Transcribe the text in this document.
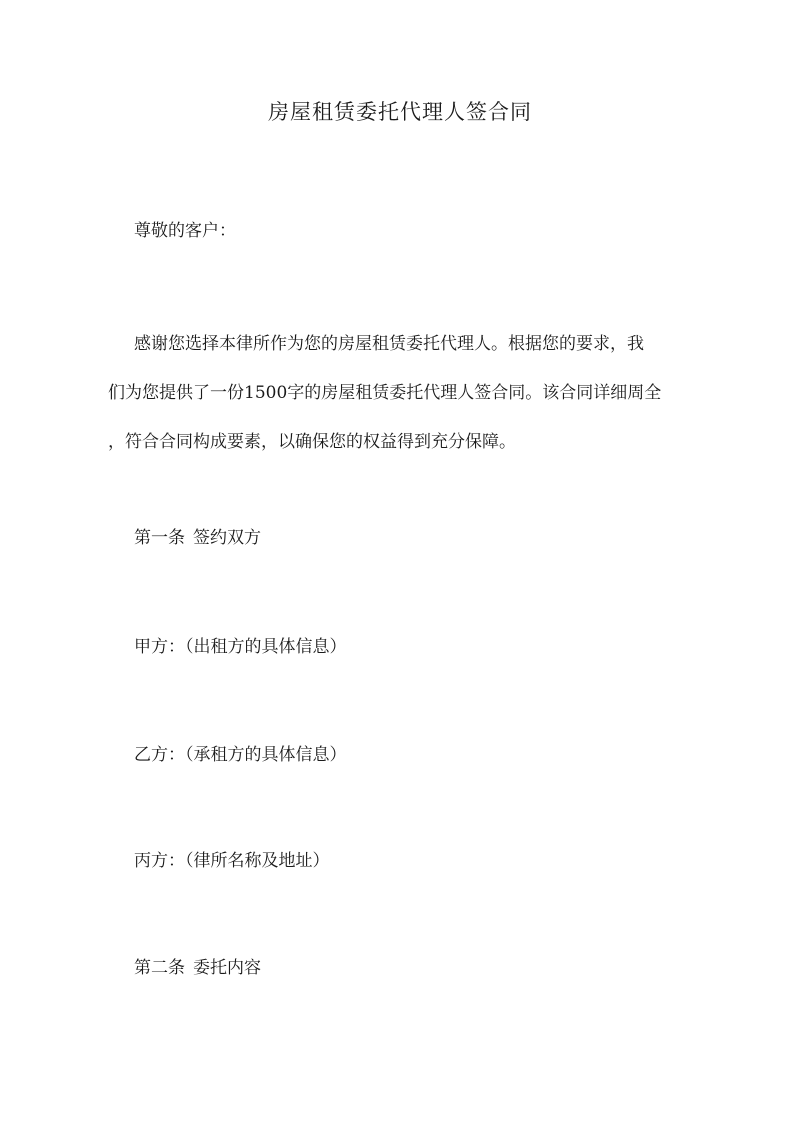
房屋租赁委托代理人签合同

尊敬的客户：

感谢您选择本律所作为您的房屋租赁委托代理人。根据您的要求，我
们为您提供了一份1500字的房屋租赁委托代理人签合同。该合同详细周全
，符合合同构成要素，以确保您的权益得到充分保障。

第一条 签约双方

甲方：（出租方的具体信息）

乙方：（承租方的具体信息）

丙方：（律所名称及地址）

第二条 委托内容
